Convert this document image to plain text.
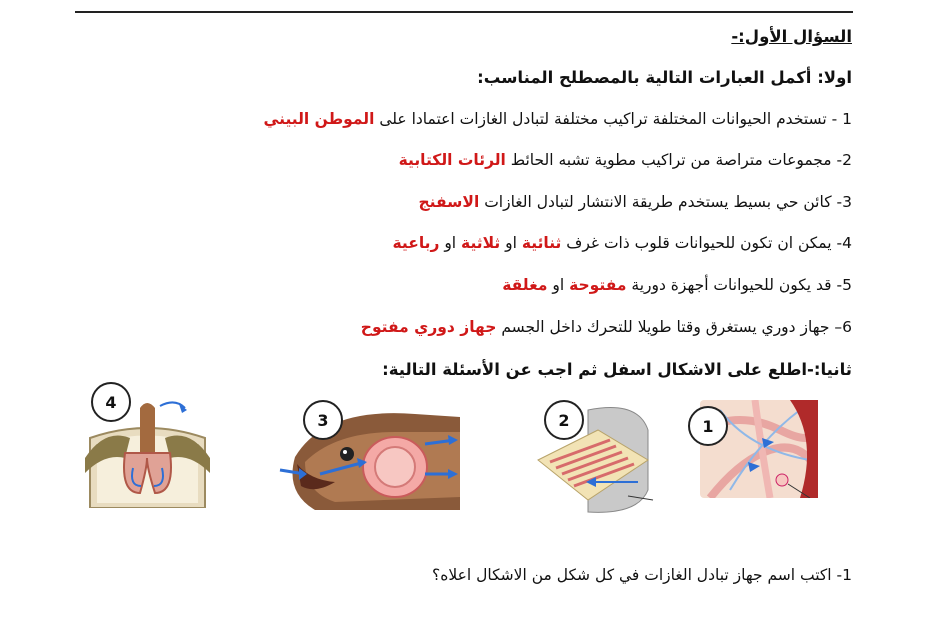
السؤال الأول:-
اولا: أكمل العبارات التالية بالمصطلح المناسب:
1 - تستخدم الحيوانات المختلفة تراكيب مختلفة لتبادل الغازات اعتمادا على الموطن البيني
2- مجموعات متراصة من تراكيب مطوية تشبه الحائط الرئات الكتابية
3- كائن حي بسيط يستخدم طريقة الانتشار لتبادل الغازات الاسفنج
4- يمكن ان تكون للحيوانات قلوب ذات غرف ثنائية او ثلاثية او رباعية
5- قد يكون للحيوانات أجهزة دورية مفتوحة او مغلقة
6– جهاز دوري يستغرق وقتا طويلا للتحرك داخل الجسم جهاز دوري مفتوح
ثانيا:-اطلع على الاشكال اسفل ثم اجب عن الأسئلة التالية:
1
2
3
4
1- اكتب اسم جهاز تبادل الغازات في كل شكل من الاشكال اعلاه؟
